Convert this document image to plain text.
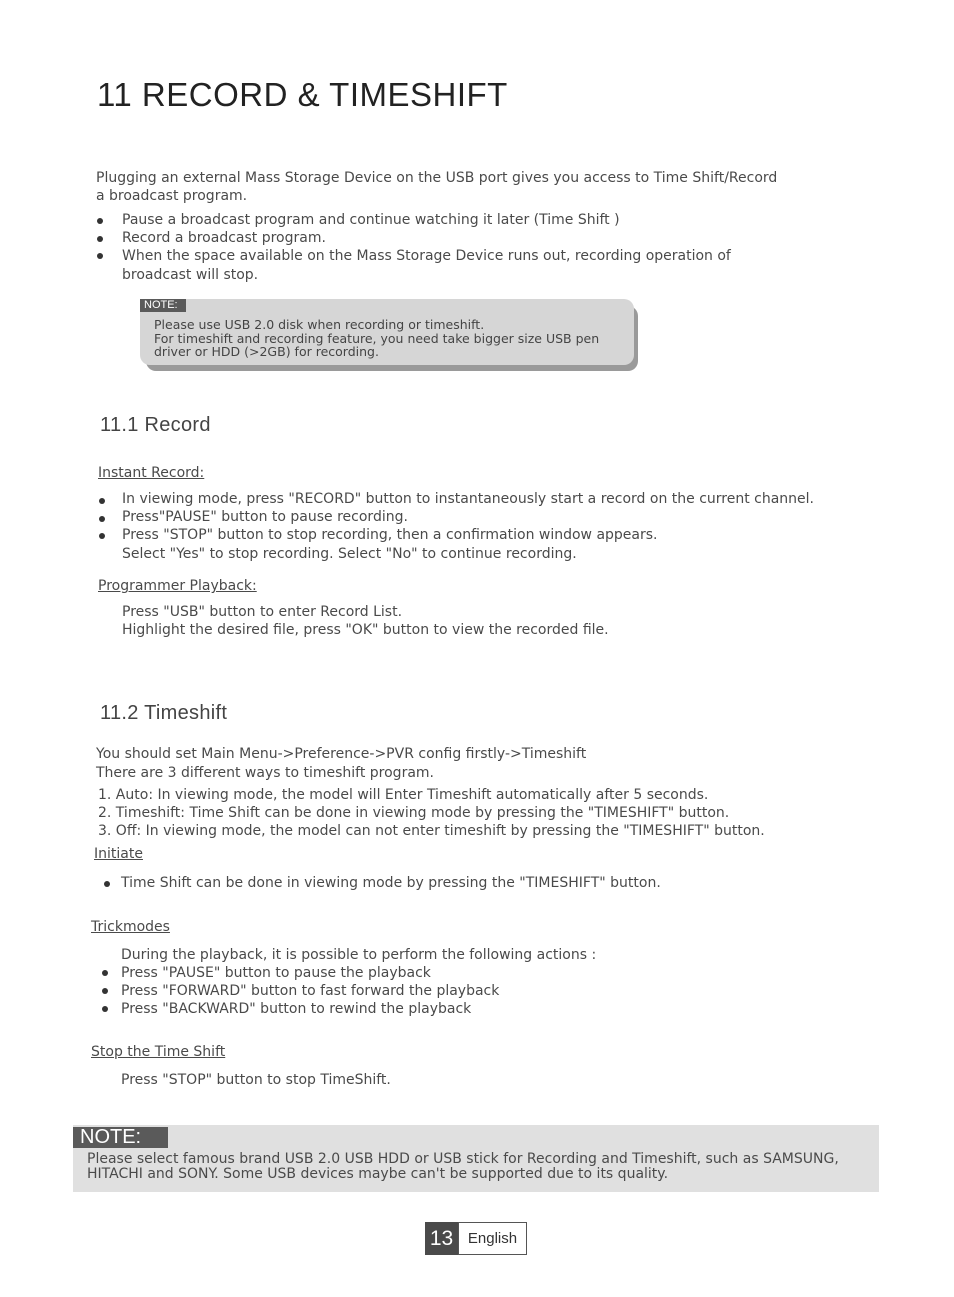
11 RECORD & TIMESHIFT
Plugging an external Mass Storage Device on the USB port gives you access to Time Shift/Record
a broadcast program.
Pause a broadcast program and continue watching it later (Time Shift )
Record a broadcast program.
When the space available on the Mass Storage Device runs out, recording operation of
broadcast will stop.
NOTE:
Please use USB 2.0 disk when recording or timeshift.
For timeshift and recording feature, you need take bigger size USB pen
driver or HDD (>2GB) for recording.
11.1 Record
Instant Record:
In viewing mode, press "RECORD" button to instantaneously start a record on the current channel.
Press"PAUSE" button to pause recording.
Press "STOP" button to stop recording, then a confirmation window appears.
Select "Yes" to stop recording. Select "No" to continue recording.
Programmer Playback:
Press "USB" button to enter Record List.
Highlight the desired file, press "OK" button to view the recorded file.
11.2 Timeshift
You should set Main Menu->Preference->PVR config firstly->Timeshift
There are 3 different ways to timeshift program.
1. Auto: In viewing mode, the model will Enter Timeshift automatically after 5 seconds.
2. Timeshift: Time Shift can be done in viewing mode by pressing the "TIMESHIFT" button.
3. Off: In viewing mode, the model can not enter timeshift by pressing the "TIMESHIFT" button.
Initiate
Time Shift can be done in viewing mode by pressing the "TIMESHIFT" button.
Trickmodes
During the playback, it is possible to perform the following actions :
Press "PAUSE" button to pause the playback
Press "FORWARD" button to fast forward the playback
Press "BACKWARD" button to rewind the playback
Stop the Time Shift
Press "STOP" button to stop TimeShift.
NOTE:
Please select famous brand USB 2.0 USB HDD or USB stick for Recording and Timeshift, such as SAMSUNG,
HITACHI and SONY. Some USB devices maybe can't be supported due to its quality.
13 English
